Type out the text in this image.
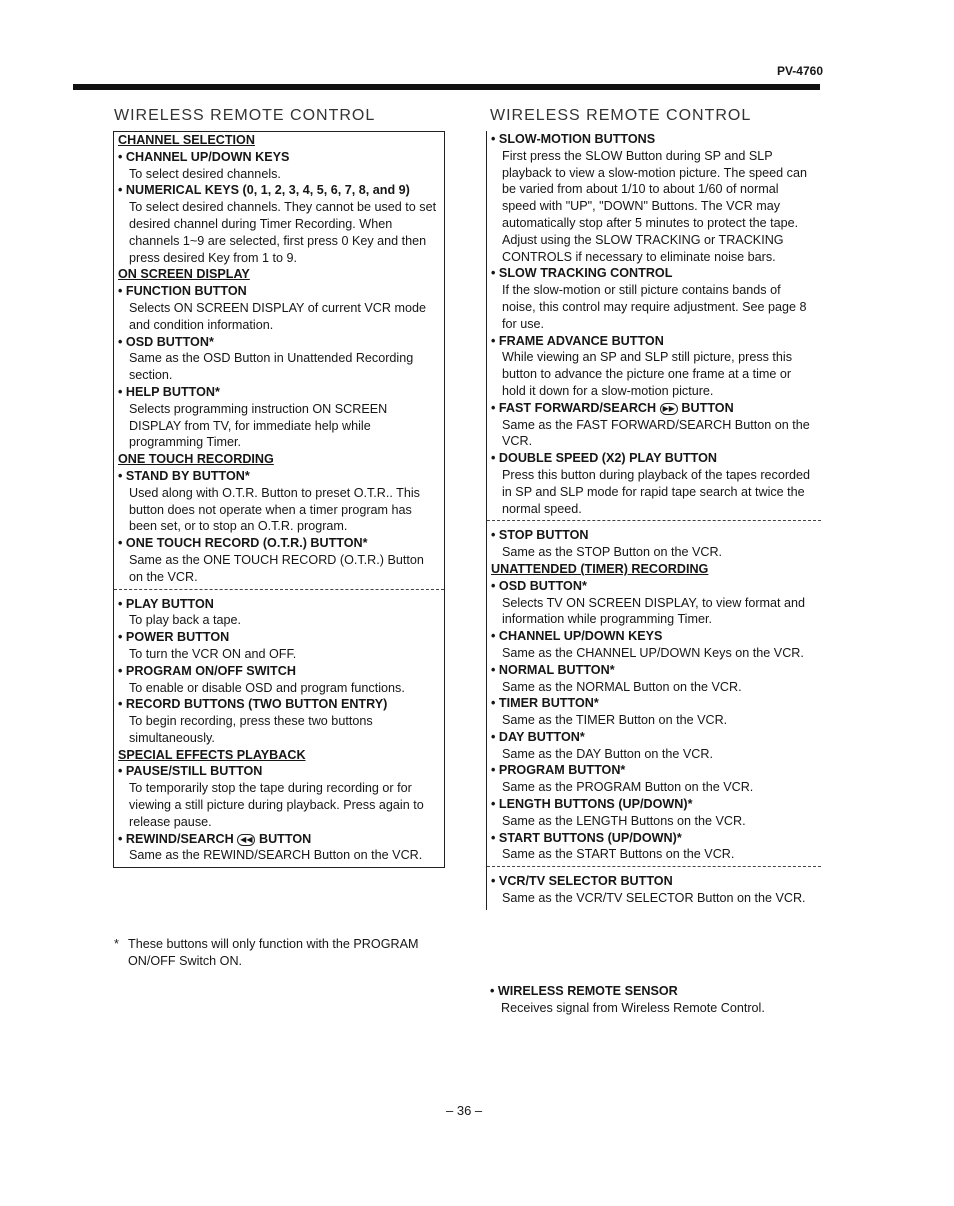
PV-4760
WIRELESS REMOTE CONTROL
CHANNEL SELECTION
• CHANNEL UP/DOWN KEYS

To select desired channels.

• NUMERICAL KEYS (0, 1, 2, 3, 4, 5, 6, 7, 8, and 9)

To select desired channels. They cannot be used to set desired channel during Timer Recording. When channels 1~9 are selected, first press 0 Key and then press desired Key from 1 to 9.

ON SCREEN DISPLAY
• FUNCTION BUTTON

Selects ON SCREEN DISPLAY of current VCR mode and condition information.

• OSD BUTTON*

Same as the OSD Button in Unattended Recording section.

• HELP BUTTON*

Selects programming instruction ON SCREEN DISPLAY from TV, for immediate help while programming Timer.

ONE TOUCH RECORDING
• STAND BY BUTTON*

Used along with O.T.R. Button to preset O.T.R.. This button does not operate when a timer program has been set, or to stop an O.T.R. program.

• ONE TOUCH RECORD (O.T.R.) BUTTON*

Same as the ONE TOUCH RECORD (O.T.R.) Button on the VCR.

• PLAY BUTTON

To play back a tape.

• POWER BUTTON

To turn the VCR ON and OFF.

• PROGRAM ON/OFF SWITCH

To enable or disable OSD and program functions.

• RECORD BUTTONS (TWO BUTTON ENTRY)

To begin recording, press these two buttons simultaneously.

SPECIAL EFFECTS PLAYBACK
• PAUSE/STILL BUTTON

To temporarily stop the tape during recording or for viewing a still picture during playback. Press again to release pause.

• REWIND/SEARCH ◀◀ BUTTON

Same as the REWIND/SEARCH Button on the VCR.

WIRELESS REMOTE CONTROL
• SLOW-MOTION BUTTONS

First press the SLOW Button during SP and SLP playback to view a slow-motion picture. The speed can be varied from about 1/10 to about 1/60 of normal speed with "UP", "DOWN" Buttons. The VCR may automatically stop after 5 minutes to protect the tape. Adjust using the SLOW TRACKING or TRACKING CONTROLS if necessary to eliminate noise bars.

• SLOW TRACKING CONTROL

If the slow-motion or still picture contains bands of noise, this control may require adjustment. See page 8 for use.

• FRAME ADVANCE BUTTON

While viewing an SP and SLP still picture, press this button to advance the picture one frame at a time or hold it down for a slow-motion picture.

• FAST FORWARD/SEARCH ▶▶ BUTTON

Same as the FAST FORWARD/SEARCH Button on the VCR.

• DOUBLE SPEED (X2) PLAY BUTTON

Press this button during playback of the tapes recorded in SP and SLP mode for rapid tape search at twice the normal speed.

• STOP BUTTON

Same as the STOP Button on the VCR.

UNATTENDED (TIMER) RECORDING
• OSD BUTTON*

Selects TV ON SCREEN DISPLAY, to view format and information while programming Timer.

• CHANNEL UP/DOWN KEYS

Same as the CHANNEL UP/DOWN Keys on the VCR.

• NORMAL BUTTON*

Same as the NORMAL Button on the VCR.

• TIMER BUTTON*

Same as the TIMER Button on the VCR.

• DAY BUTTON*

Same as the DAY Button on the VCR.

• PROGRAM BUTTON*

Same as the PROGRAM Button on the VCR.

• LENGTH BUTTONS (UP/DOWN)*

Same as the LENGTH Buttons on the VCR.

• START BUTTONS (UP/DOWN)*

Same as the START Buttons on the VCR.

• VCR/TV SELECTOR BUTTON

Same as the VCR/TV SELECTOR Button on the VCR.

* These buttons will only function with the PROGRAM ON/OFF Switch ON.
• WIRELESS REMOTE SENSOR

Receives signal from Wireless Remote Control.

– 36 –
